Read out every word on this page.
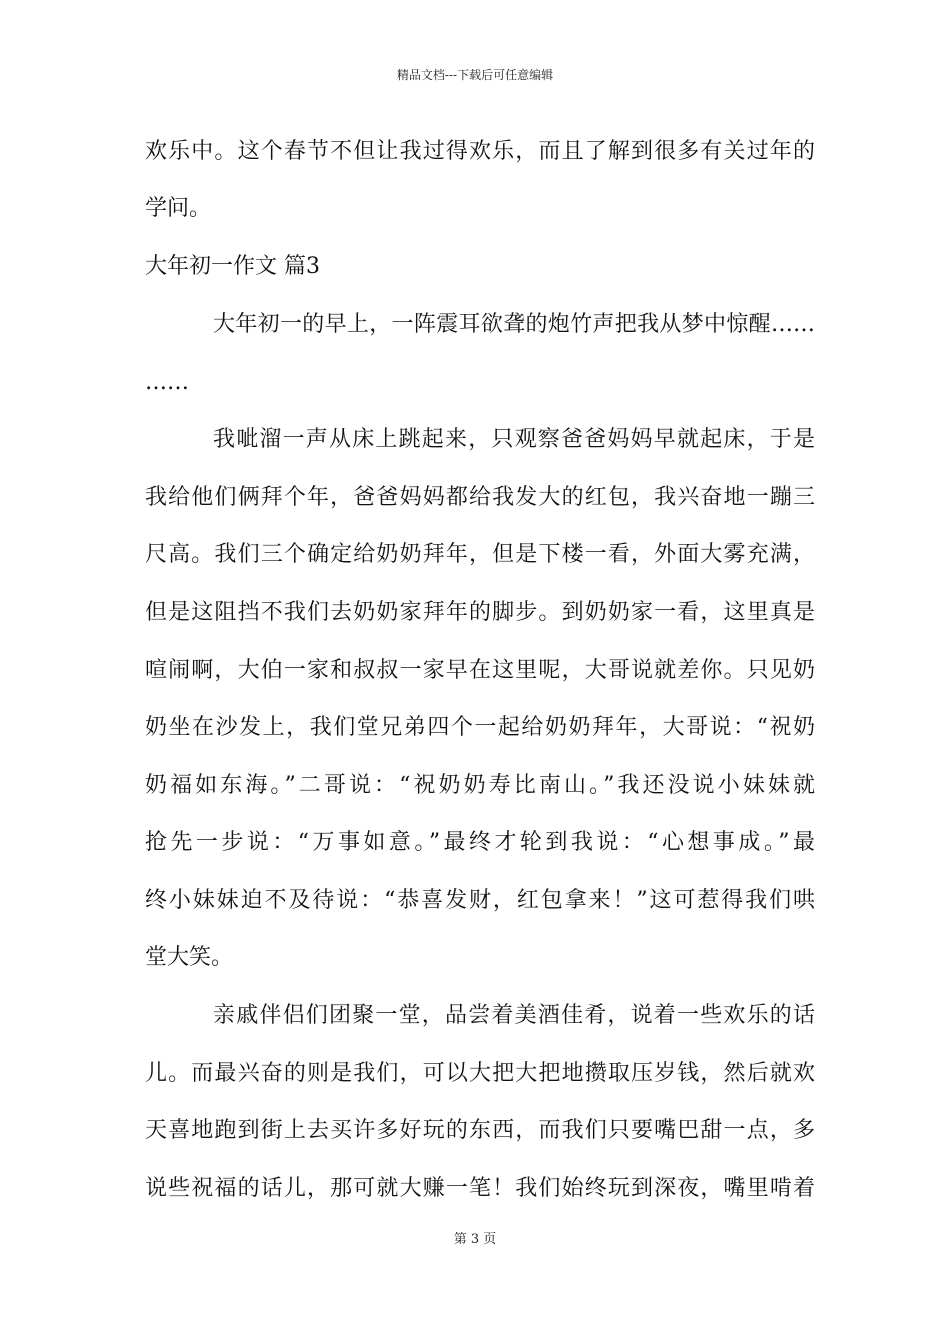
精品文档---下载后可任意编辑
欢乐中。这个春节不但让我过得欢乐，而且了解到很多有关过年的
学问。
大年初一作文 篇3
大年初一的早上，一阵震耳欲聋的炮竹声把我从梦中惊醒……
……
我呲溜一声从床上跳起来，只观察爸爸妈妈早就起床，于是
我给他们俩拜个年，爸爸妈妈都给我发大的红包，我兴奋地一蹦三
尺高。我们三个确定给奶奶拜年，但是下楼一看，外面大雾充满，
但是这阻挡不我们去奶奶家拜年的脚步。到奶奶家一看，这里真是
喧闹啊，大伯一家和叔叔一家早在这里呢，大哥说就差你。只见奶
奶坐在沙发上，我们堂兄弟四个一起给奶奶拜年，大哥说：“祝奶
奶福如东海。”二哥说：“祝奶奶寿比南山。”我还没说小妹妹就
抢先一步说：“万事如意。”最终才轮到我说：“心想事成。”最
终小妹妹迫不及待说：“恭喜发财，红包拿来！”这可惹得我们哄
堂大笑。
亲戚伴侣们团聚一堂，品尝着美酒佳肴，说着一些欢乐的话
儿。而最兴奋的则是我们，可以大把大把地攒取压岁钱，然后就欢
天喜地跑到街上去买许多好玩的东西，而我们只要嘴巴甜一点，多
说些祝福的话儿，那可就大赚一笔！我们始终玩到深夜，嘴里啃着
第 3 页
